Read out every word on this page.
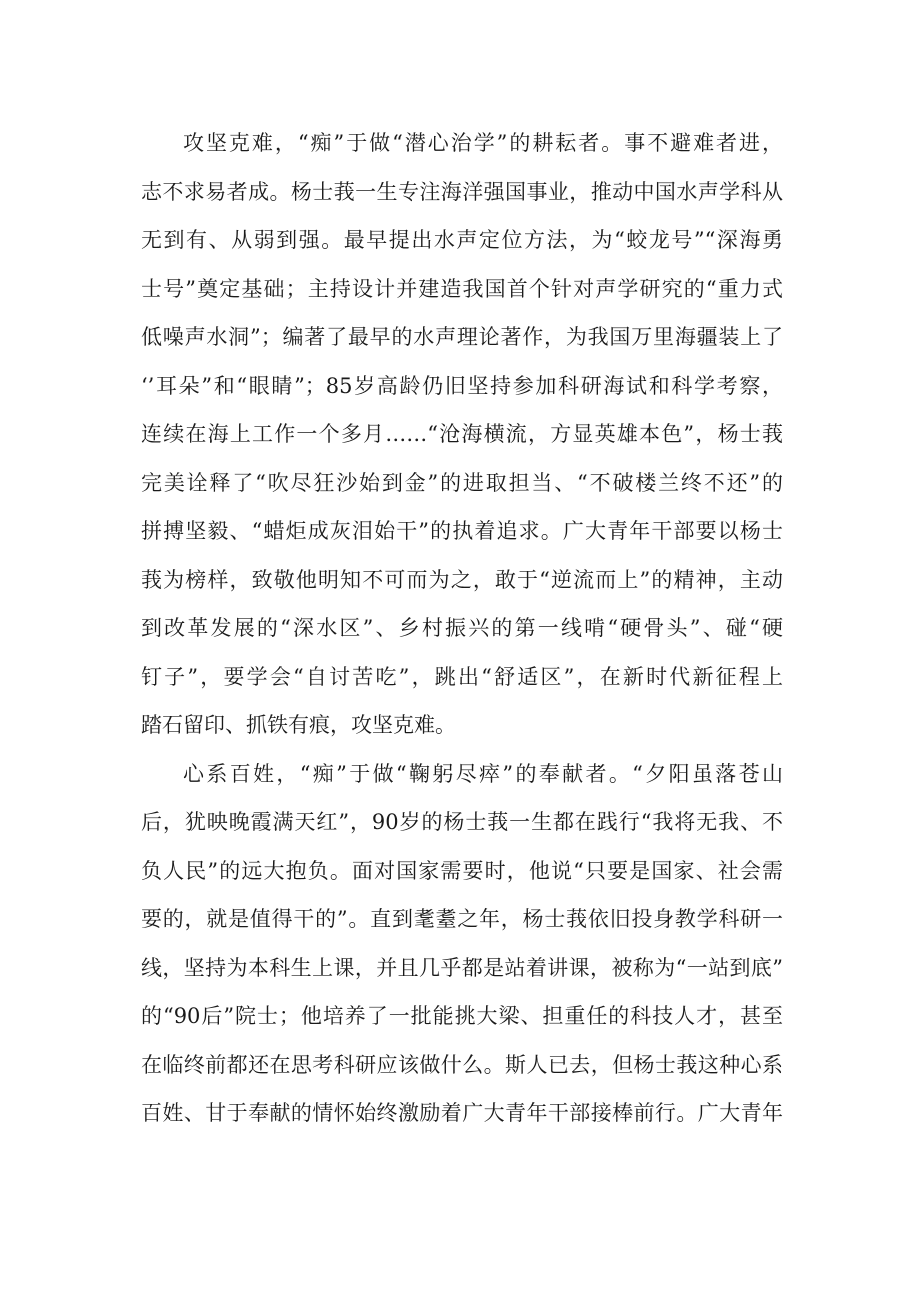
攻坚克难，“痴”于做“潜心治学”的耕耘者。事不避难者进，
志不求易者成。杨士莪一生专注海洋强国事业，推动中国水声学科从
无到有、从弱到强。最早提出水声定位方法，为“蛟龙号”“深海勇
士号”奠定基础；主持设计并建造我国首个针对声学研究的“重力式
低噪声水洞”；编著了最早的水声理论著作，为我国万里海疆装上了
‘’耳朵”和“眼睛”；85岁高龄仍旧坚持参加科研海试和科学考察，
连续在海上工作一个多月……“沧海横流，方显英雄本色”，杨士莪
完美诠释了“吹尽狂沙始到金”的进取担当、“不破楼兰终不还”的
拼搏坚毅、“蜡炬成灰泪始干”的执着追求。广大青年干部要以杨士
莪为榜样，致敬他明知不可而为之，敢于“逆流而上”的精神，主动
到改革发展的“深水区”、乡村振兴的第一线啃“硬骨头”、碰“硬
钉子”，要学会“自讨苦吃”，跳出“舒适区”，在新时代新征程上
踏石留印、抓铁有痕，攻坚克难。
心系百姓，“痴”于做“鞠躬尽瘁”的奉献者。“夕阳虽落苍山
后，犹映晚霞满天红”，90岁的杨士莪一生都在践行“我将无我、不
负人民”的远大抱负。面对国家需要时，他说“只要是国家、社会需
要的，就是值得干的”。直到耄耋之年，杨士莪依旧投身教学科研一
线，坚持为本科生上课，并且几乎都是站着讲课，被称为“一站到底”
的“90后”院士；他培养了一批能挑大梁、担重任的科技人才，甚至
在临终前都还在思考科研应该做什么。斯人已去，但杨士莪这种心系
百姓、甘于奉献的情怀始终激励着广大青年干部接棒前行。广大青年
